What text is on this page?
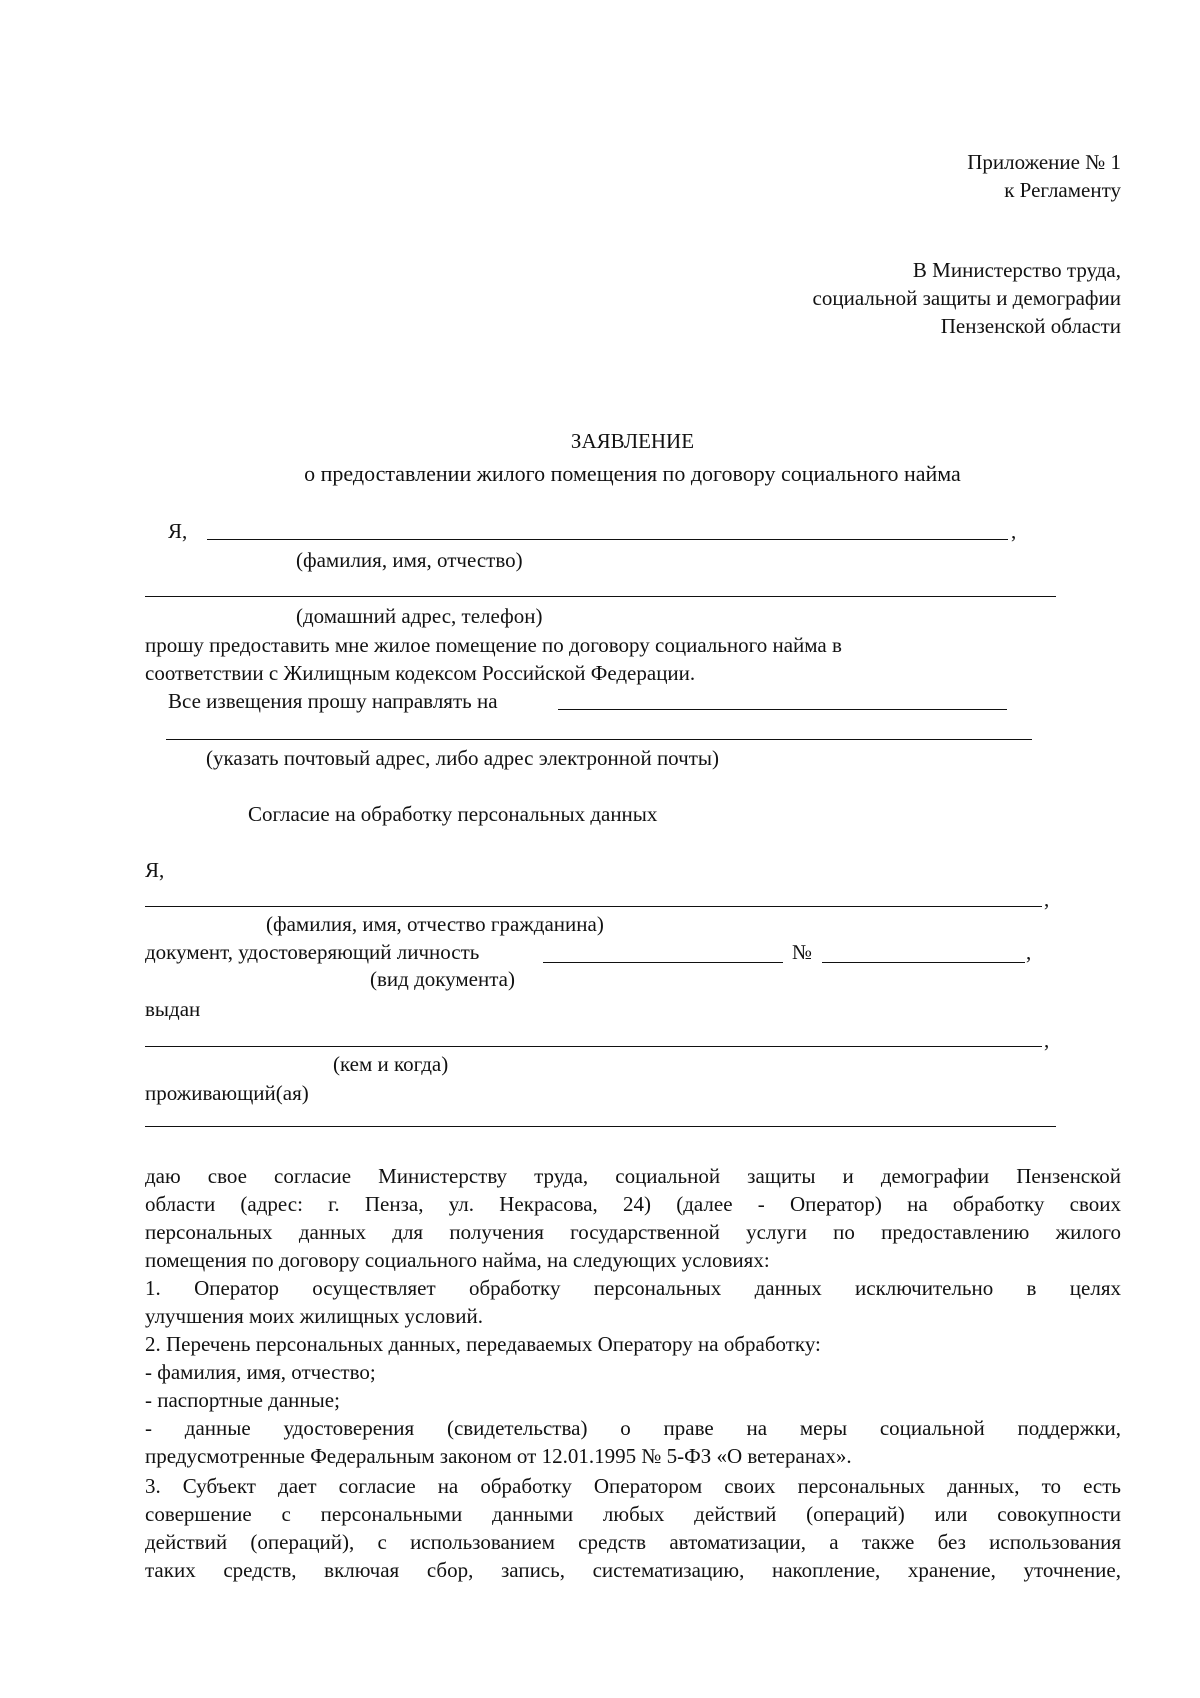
Приложение № 1
к Регламенту
В Министерство труда,
социальной защиты и демографии
Пензенской области
ЗАЯВЛЕНИЕ
о предоставлении жилого помещения по договору социального найма
Я,	,
(фамилия, имя, отчество)
(домашний адрес, телефон)
прошу предоставить мне жилое помещение по договору социального найма в
соответствии с Жилищным кодексом Российской Федерации.
Все извещения прошу направлять на
(указать почтовый адрес, либо адрес электронной почты)
Согласие на обработку персональных данных
Я,
,
(фамилия, имя, отчество гражданина)
документ, удостоверяющий личность	№	,
(вид документа)
выдан
,
(кем и когда)
проживающий(ая)
даю свое согласие Министерству труда, социальной защиты и демографии Пензенской
области (адрес: г. Пенза, ул. Некрасова, 24) (далее - Оператор) на обработку своих
персональных данных для получения государственной услуги по предоставлению жилого
помещения по договору социального найма, на следующих условиях:
1. Оператор осуществляет обработку персональных данных исключительно в целях
улучшения моих жилищных условий.
2. Перечень персональных данных, передаваемых Оператору на обработку:
- фамилия, имя, отчество;
- паспортные данные;
- данные удостоверения (свидетельства) о праве на меры социальной поддержки,
предусмотренные Федеральным законом от 12.01.1995 № 5-ФЗ «О ветеранах».
3. Субъект дает согласие на обработку Оператором своих персональных данных, то есть
совершение с персональными данными любых действий (операций) или совокупности
действий (операций), с использованием средств автоматизации, а также без использования
таких средств, включая сбор, запись, систематизацию, накопление, хранение, уточнение,
